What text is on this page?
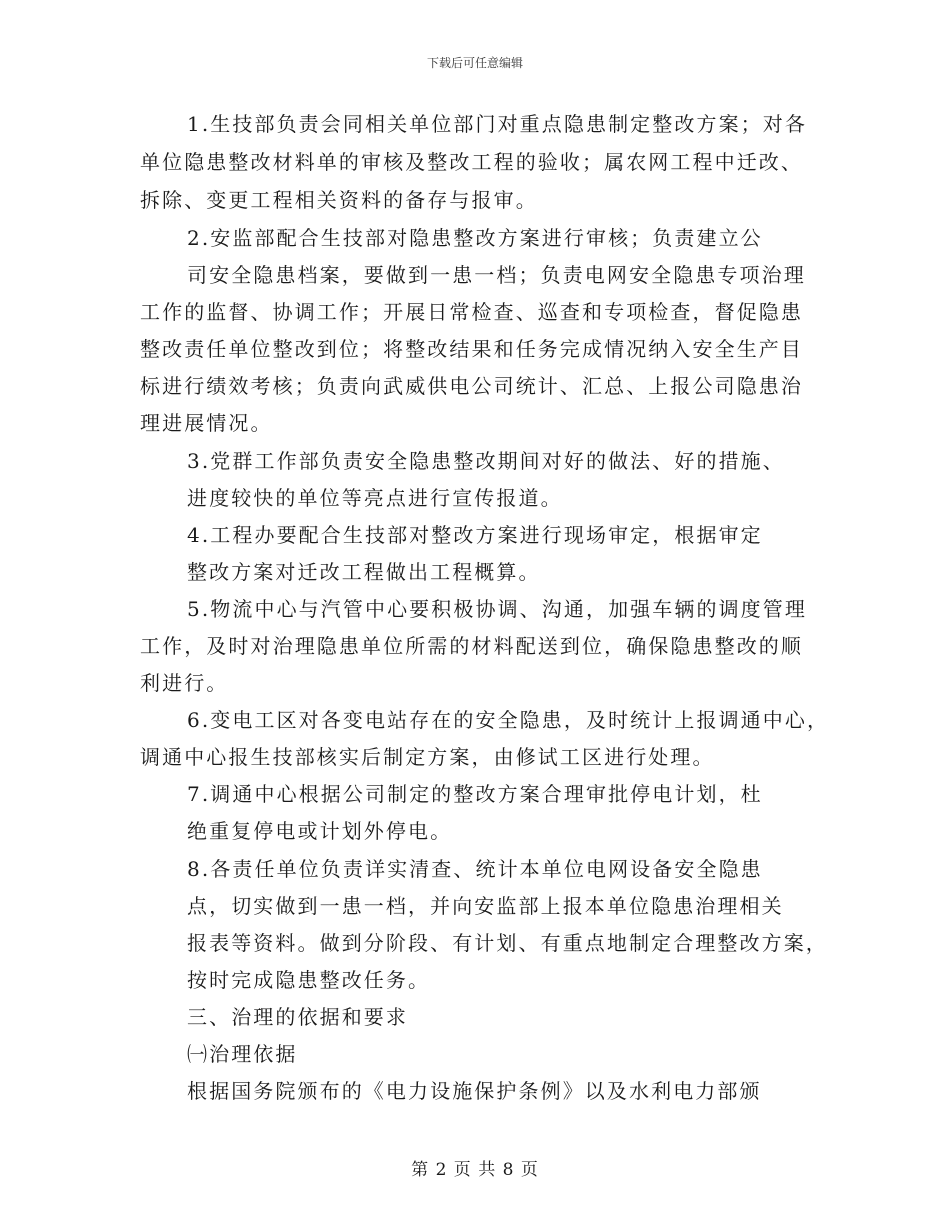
下载后可任意编辑
1.生技部负责会同相关单位部门对重点隐患制定整改方案；对各
单位隐患整改材料单的审核及整改工程的验收；属农网工程中迁改、
拆除、变更工程相关资料的备存与报审。
2.安监部配合生技部对隐患整改方案进行审核；负责建立公
司安全隐患档案，要做到一患一档；负责电网安全隐患专项治理
工作的监督、协调工作；开展日常检查、巡查和专项检查，督促隐患
整改责任单位整改到位；将整改结果和任务完成情况纳入安全生产目
标进行绩效考核；负责向武威供电公司统计、汇总、上报公司隐患治
理进展情况。
3.党群工作部负责安全隐患整改期间对好的做法、好的措施、
进度较快的单位等亮点进行宣传报道。
4.工程办要配合生技部对整改方案进行现场审定，根据审定
整改方案对迁改工程做出工程概算。
5.物流中心与汽管中心要积极协调、沟通，加强车辆的调度管理
工作，及时对治理隐患单位所需的材料配送到位，确保隐患整改的顺
利进行。
6.变电工区对各变电站存在的安全隐患，及时统计上报调通中心，
调通中心报生技部核实后制定方案，由修试工区进行处理。
7.调通中心根据公司制定的整改方案合理审批停电计划，杜
绝重复停电或计划外停电。
8.各责任单位负责详实清查、统计本单位电网设备安全隐患
点，切实做到一患一档，并向安监部上报本单位隐患治理相关
报表等资料。做到分阶段、有计划、有重点地制定合理整改方案，
按时完成隐患整改任务。
三、治理的依据和要求
㈠治理依据
根据国务院颁布的《电力设施保护条例》以及水利电力部颁
第 2 页 共 8 页
